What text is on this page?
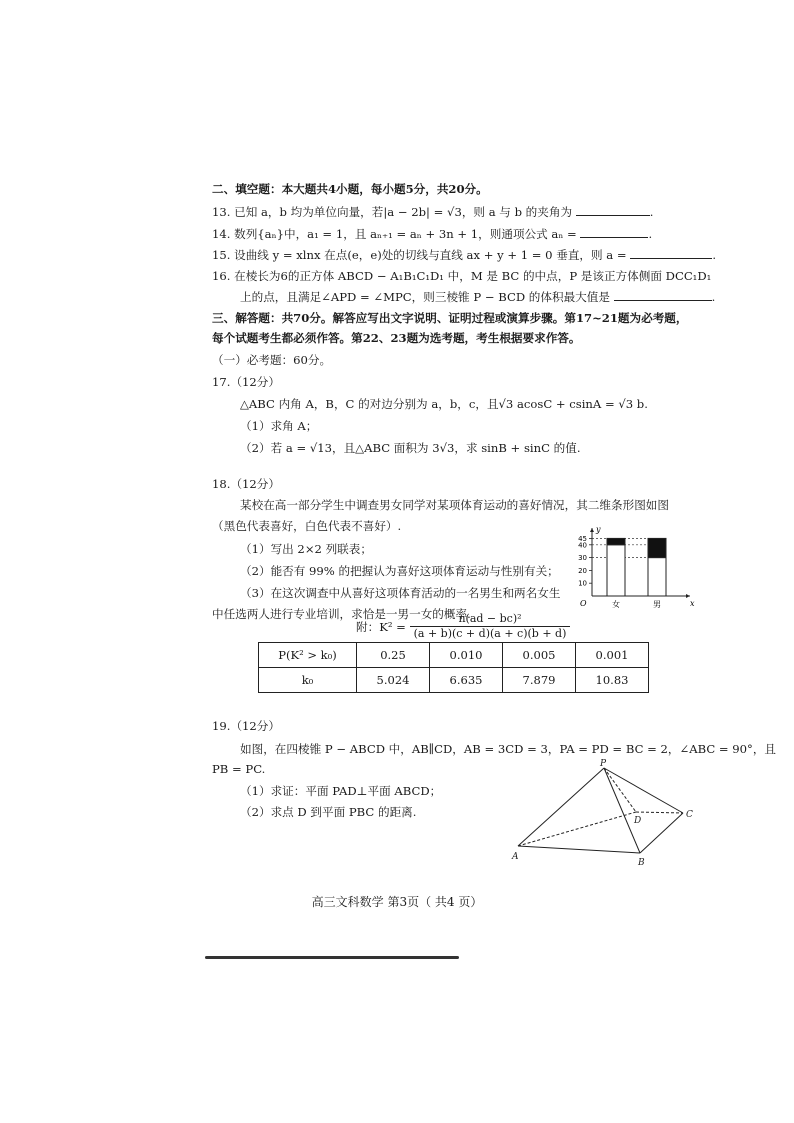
二、填空题：本大题共4小题，每小题5分，共20分。
13. 已知 a，b 均为单位向量，若|a − 2b| = √3，则 a 与 b 的夹角为	.
14. 数列{aₙ}中，a₁ = 1，且 aₙ₊₁ = aₙ + 3n + 1，则通项公式 aₙ =	.
15. 设曲线 y = xlnx 在点(e，e)处的切线与直线 ax + y + 1 = 0 垂直，则 a =	.
16. 在棱长为6的正方体 ABCD − A₁B₁C₁D₁ 中，M 是 BC 的中点，P 是该正方体侧面 DCC₁D₁
上的点，且满足∠APD = ∠MPC，则三棱锥 P − BCD 的体积最大值是	.
三、解答题：共70分。解答应写出文字说明、证明过程或演算步骤。第17~21题为必考题，
每个试题考生都必须作答。第22、23题为选考题，考生根据要求作答。
（一）必考题：60分。
17.（12分）
△ABC 内角 A，B，C 的对边分别为 a，b，c，且√3 acosC + csinA = √3 b.
（1）求角 A；
（2）若 a = √13，且△ABC 面积为 3√3，求 sinB + sinC 的值.
18.（12分）
某校在高一部分学生中调查男女同学对某项体育运动的喜好情况，其二维条形图如图
（黑色代表喜好，白色代表不喜好）.
（1）写出 2×2 列联表；
（2）能否有 99% 的把握认为喜好这项体育运动与性别有关；
（3）在这次调查中从喜好这项体育活动的一名男生和两名女生
中任选两人进行专业培训，求恰是一男一女的概率.
附：$K^2 = \frac{\text{n(ad − bc)²}}{(a + b)(c + d)(a + c)(b + d)}$
P(K² > k₀)	0.25	0.010	0.005	0.001
k₀	5.024	6.635	7.879	10.83
y
x
O
10
20
30
40
45
女	男
19.（12分）
如图，在四棱锥 P − ABCD 中，AB∥CD，AB = 3CD = 3，PA = PD = BC = 2，∠ABC = 90°，且
PB = PC.
（1）求证：平面 PAD⊥平面 ABCD；
（2）求点 D 到平面 PBC 的距离.
P
A
B
C
D
高三文科数学 第3页（ 共4 页）
